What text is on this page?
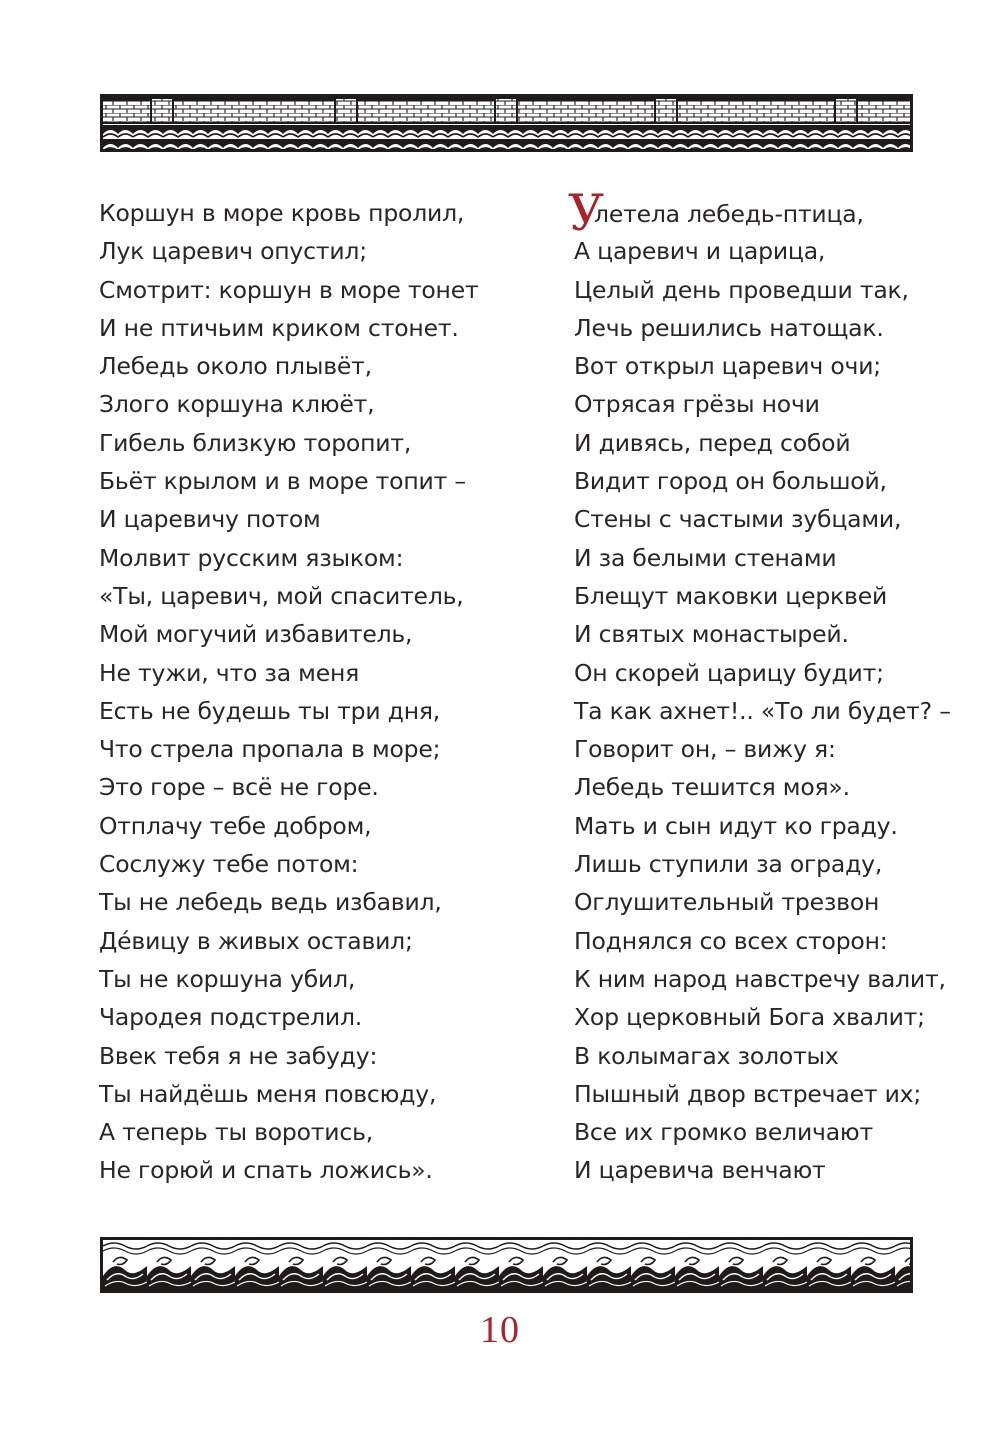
Коршун в море кровь пролил,
Лук царевич опустил;
Смотрит: коршун в море тонет
И не птичьим криком стонет.
Лебедь около плывёт,
Злого коршуна клюёт,
Гибель близкую торопит,
Бьёт крылом и в море топит –
И царевичу потом
Молвит русским языком:
«Ты, царевич, мой спаситель,
Мой могучий избавитель,
Не тужи, что за меня
Есть не будешь ты три дня,
Что стрела пропала в море;
Это горе – всё не горе.
Отплачу тебе добром,
Сослужу тебе потом:
Ты не лебедь ведь избавил,
Дéвицу в живых оставил;
Ты не коршуна убил,
Чародея подстрелил.
Ввек тебя я не забуду:
Ты найдёшь меня повсюду,
А теперь ты воротись,
Не горюй и спать ложись».
Улетела лебедь-птица,
А царевич и царица,
Целый день проведши так,
Лечь решились натощак.
Вот открыл царевич очи;
Отрясая грёзы ночи
И дивясь, перед собой
Видит город он большой,
Стены с частыми зубцами,
И за белыми стенами
Блещут маковки церквей
И святых монастырей.
Он скорей царицу будит;
Та как ахнет!.. «То ли будет? –
Говорит он, – вижу я:
Лебедь тешится моя».
Мать и сын идут ко граду.
Лишь ступили за ограду,
Оглушительный трезвон
Поднялся со всех сторон:
К ним народ навстречу валит,
Хор церковный Бога хвалит;
В колымагах золотых
Пышный двор встречает их;
Все их громко величают
И царевича венчают
10
